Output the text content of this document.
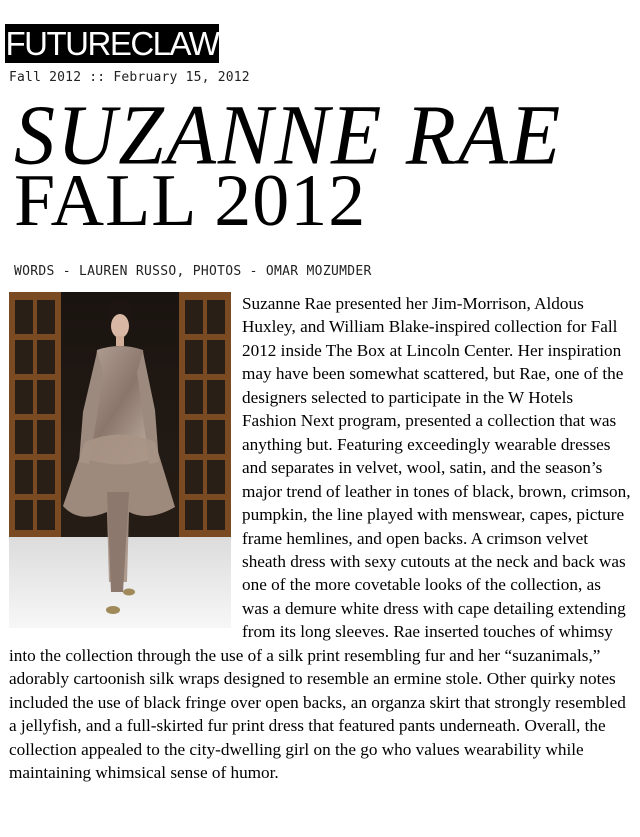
FUTURECLAW
Fall 2012 :: February 15, 2012
SUZANNE RAE
FALL 2012
WORDS - LAUREN RUSSO, PHOTOS - OMAR MOZUMDER

Suzanne Rae presented her Jim-Morrison, Aldous Huxley, and William Blake-inspired collection for Fall 2012 inside The Box at Lincoln Center. Her inspiration may have been somewhat scattered, but Rae, one of the designers selected to participate in the W Hotels Fashion Next program, presented a collection that was anything but. Featuring exceedingly wearable dresses and separates in velvet, wool, satin, and the season’s major trend of leather in tones of black, brown, crimson, pumpkin, the line played with menswear, capes, picture frame hemlines, and open backs. A crimson velvet sheath dress with sexy cutouts at the neck and back was one of the more covetable looks of the collection, as was a demure white dress with cape detailing extending from its long sleeves. Rae inserted touches of whimsy into the collection through the use of a silk print resembling fur and her “suzanimals,” adorably cartoonish silk wraps designed to resemble an ermine stole. Other quirky notes included the use of black fringe over open backs, an organza skirt that strongly resembled a jellyfish, and a full-skirted fur print dress that featured pants underneath. Overall, the collection appealed to the city-dwelling girl on the go who values wearability while maintaining whimsical sense of humor.
